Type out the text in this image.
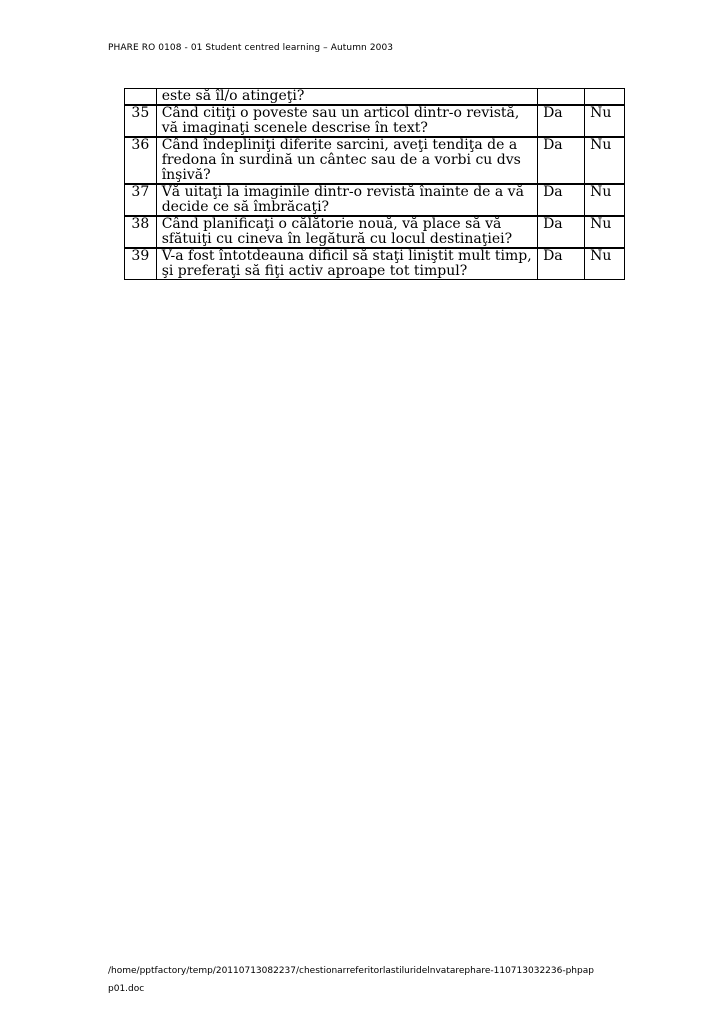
PHARE RO 0108 - 01 Student centred learning – Autumn 2003
	este să îl/o atingeţi?		
35	Când citiţi o poveste sau un articol dintr-o revistă, vă imaginaţi scenele descrise în text?	Da	Nu
36	Când îndepliniţi diferite sarcini, aveţi tendiţa de a fredona în surdină un cântec sau de a vorbi cu dvs înşivă?	Da	Nu
37	Vă uitaţi la imaginile dintr-o revistă înainte de a vă decide ce să îmbrăcaţi?	Da	Nu
38	Când planificaţi o călătorie nouă, vă place să vă sfătuiţi cu cineva în legătură cu locul destinaţiei?	Da	Nu
39	V-a fost întotdeauna dificil să staţi liniştit mult timp, şi preferaţi să fiţi activ aproape tot timpul?	Da	Nu
/home/pptfactory/temp/20110713082237/chestionarreferitorlastiluridelnvatarephare-110713032236-phpapp01.doc
